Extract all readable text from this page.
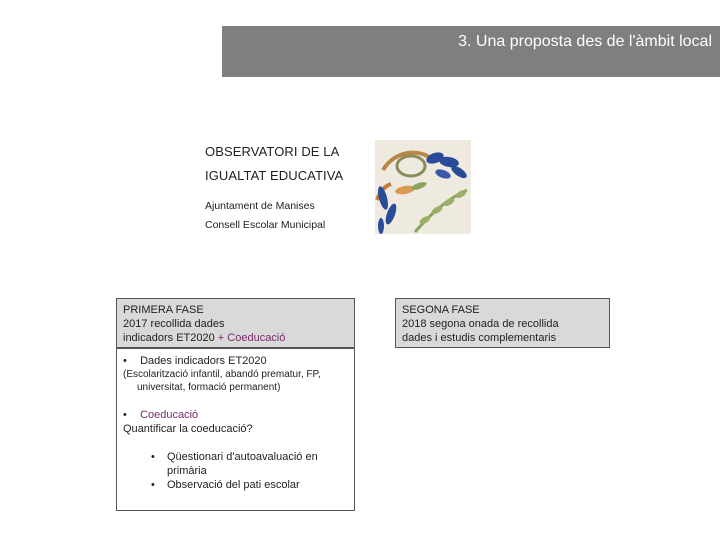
3. Una proposta des de l'àmbit local
OBSERVATORI DE LA
IGUALTAT EDUCATIVA
Ajuntament de Manises
Consell Escolar Municipal
PRIMERA FASE
2017 recollida dades
indicadors ET2020 + Coeducació
SEGONA FASE
2018 segona onada de recollida
dades i estudis complementaris
• Dades indicadors ET2020
(Escolarització infantil, abandó prematur, FP,
universitat, formació permanent)
• Coeducació
Quantificar la coeducació?
•	Qüestionari d'autoavaluació en
primària
•	Observació del pati escolar
